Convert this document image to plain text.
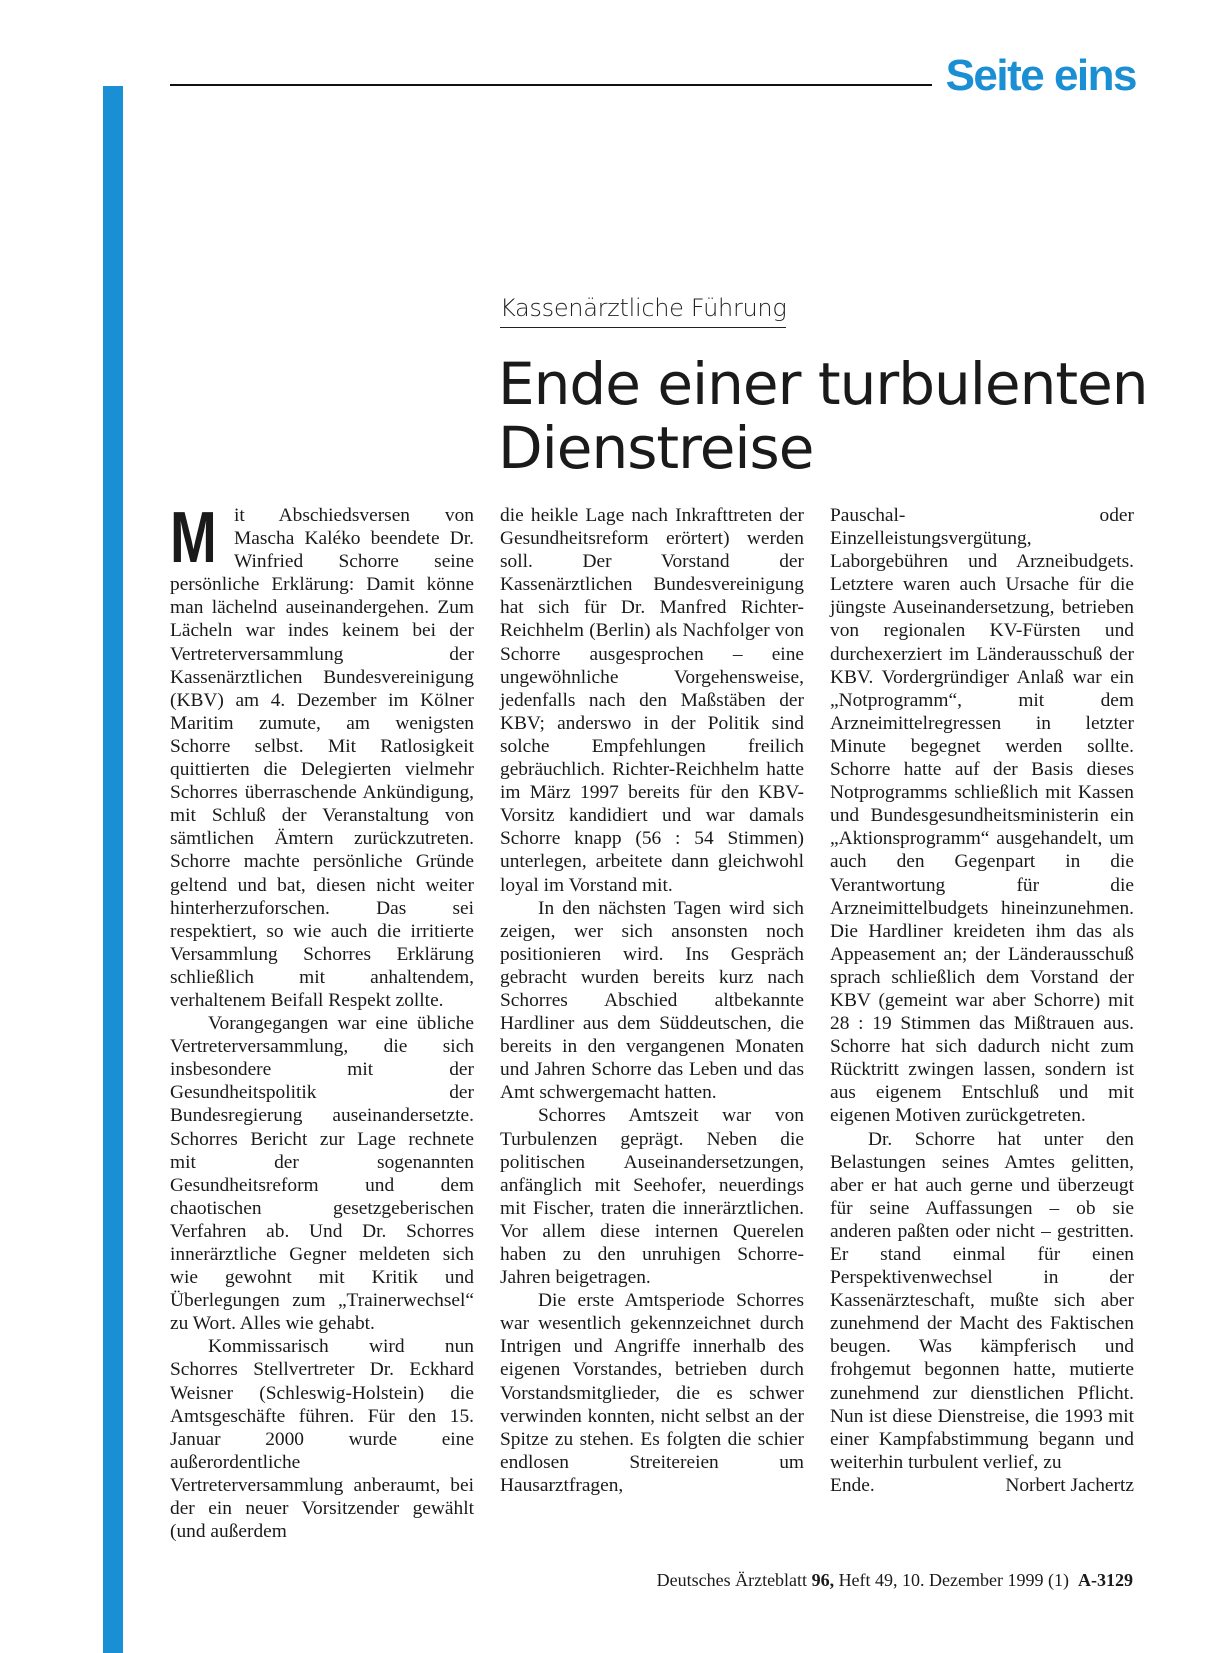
Seite eins
Kassenärztliche Führung
Ende einer turbulenten
Dienstreise

Mit Abschiedsversen von Mascha Kaléko beendete Dr. Winfried Schorre seine persönliche Erklärung: Damit könne man lächelnd auseinandergehen. Zum Lächeln war indes keinem bei der Vertreterversammlung der Kassenärztlichen Bundesvereinigung (KBV) am 4. Dezember im Kölner Maritim zumute, am wenigsten Schorre selbst. Mit Ratlosigkeit quittierten die Delegierten vielmehr Schorres überraschende Ankündigung, mit Schluß der Veranstaltung von sämtlichen Ämtern zurückzutreten. Schorre machte persönliche Gründe geltend und bat, diesen nicht weiter hinterherzuforschen. Das sei respektiert, so wie auch die irritierte Versammlung Schorres Erklärung schließlich mit anhaltendem, verhaltenem Beifall Respekt zollte.

Vorangegangen war eine übliche Vertreterversammlung, die sich insbesondere mit der Gesundheitspolitik der Bundesregierung auseinandersetzte. Schorres Bericht zur Lage rechnete mit der sogenannten Gesundheitsreform und dem chaotischen gesetzgeberischen Verfahren ab. Und Dr. Schorres innerärztliche Gegner meldeten sich wie gewohnt mit Kritik und Überlegungen zum „Trainerwechsel“ zu Wort. Alles wie gehabt.

Kommissarisch wird nun Schorres Stellvertreter Dr. Eckhard Weisner (Schleswig-Holstein) die Amtsgeschäfte führen. Für den 15. Januar 2000 wurde eine außerordentliche Vertreterversammlung anberaumt, bei der ein neuer Vorsitzender gewählt (und außerdem

die heikle Lage nach Inkrafttreten der Gesundheitsreform erörtert) werden soll. Der Vorstand der Kassenärztlichen Bundesvereinigung hat sich für Dr. Manfred Richter-Reichhelm (Berlin) als Nachfolger von Schorre ausgesprochen – eine ungewöhnliche Vorgehensweise, jedenfalls nach den Maßstäben der KBV; anderswo in der Politik sind solche Empfehlungen freilich gebräuchlich. Richter-Reichhelm hatte im März 1997 bereits für den KBV-Vorsitz kandidiert und war damals Schorre knapp (56 : 54 Stimmen) unterlegen, arbeitete dann gleichwohl loyal im Vorstand mit.

In den nächsten Tagen wird sich zeigen, wer sich ansonsten noch positionieren wird. Ins Gespräch gebracht wurden bereits kurz nach Schorres Abschied altbekannte Hardliner aus dem Süddeutschen, die bereits in den vergangenen Monaten und Jahren Schorre das Leben und das Amt schwergemacht hatten.

Schorres Amtszeit war von Turbulenzen geprägt. Neben die politischen Auseinandersetzungen, anfänglich mit Seehofer, neuerdings mit Fischer, traten die innerärztlichen. Vor allem diese internen Querelen haben zu den unruhigen Schorre-Jahren beigetragen.

Die erste Amtsperiode Schorres war wesentlich gekennzeichnet durch Intrigen und Angriffe innerhalb des eigenen Vorstandes, betrieben durch Vorstandsmitglieder, die es schwer verwinden konnten, nicht selbst an der Spitze zu stehen. Es folgten die schier endlosen Streitereien um Hausarztfragen,

Pauschal- oder Einzelleistungsvergütung, Laborgebühren und Arzneibudgets. Letztere waren auch Ursache für die jüngste Auseinandersetzung, betrieben von regionalen KV-Fürsten und durchexerziert im Länderausschuß der KBV. Vordergründiger Anlaß war ein „Notprogramm“, mit dem Arzneimittelregressen in letzter Minute begegnet werden sollte. Schorre hatte auf der Basis dieses Notprogramms schließlich mit Kassen und Bundesgesundheitsministerin ein „Aktionsprogramm“ ausgehandelt, um auch den Gegenpart in die Verantwortung für die Arzneimittelbudgets hineinzunehmen. Die Hardliner kreideten ihm das als Appeasement an; der Länderausschuß sprach schließlich dem Vorstand der KBV (gemeint war aber Schorre) mit 28 : 19 Stimmen das Mißtrauen aus. Schorre hat sich dadurch nicht zum Rücktritt zwingen lassen, sondern ist aus eigenem Entschluß und mit eigenen Motiven zurückgetreten.

Dr. Schorre hat unter den Belastungen seines Amtes gelitten, aber er hat auch gerne und überzeugt für seine Auffassungen – ob sie anderen paßten oder nicht – gestritten. Er stand einmal für einen Perspektivenwechsel in der Kassenärzteschaft, mußte sich aber zunehmend der Macht des Faktischen beugen. Was kämpferisch und frohgemut begonnen hatte, mutierte zunehmend zur dienstlichen Pflicht. Nun ist diese Dienstreise, die 1993 mit einer Kampfabstimmung begann und weiterhin turbulent verlief, zu

Ende.	Norbert Jachertz
Deutsches Ärzteblatt 96, Heft 49, 10. Dezember 1999 (1) A-3129
